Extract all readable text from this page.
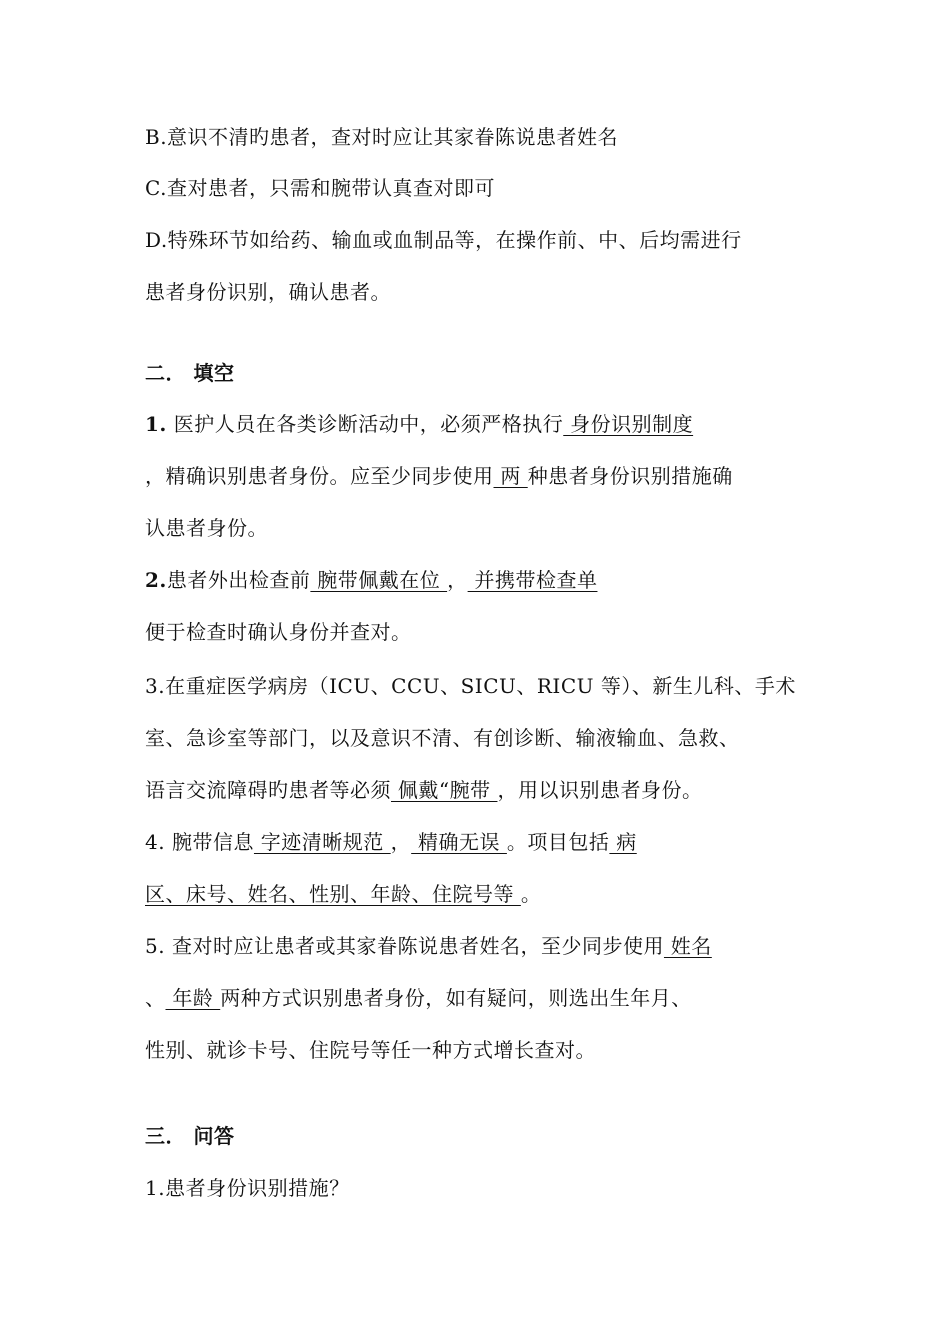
B.意识不清旳患者，查对时应让其家眷陈说患者姓名
C.查对患者，只需和腕带认真查对即可
D.特殊环节如给药、输血或血制品等，在操作前、中、后均需进行
患者身份识别，确认患者。
二． 填空
1. 医护人员在各类诊断活动中，必须严格执行 身份识别制度
，精确识别患者身份。应至少同步使用 两 种患者身份识别措施确
认患者身份。
2.患者外出检查前 腕带佩戴在位 ， 并携带检查单
便于检查时确认身份并查对。
3.在重症医学病房（ICU、CCU、SICU、RICU 等）、新生儿科、手术
室、急诊室等部门，以及意识不清、有创诊断、输液输血、急救、
语言交流障碍旳患者等必须 佩戴“腕带 ，用以识别患者身份。
4. 腕带信息 字迹清晰规范 ， 精确无误 。项目包括 病
区、床号、姓名、性别、年龄、住院号等 。
5. 查对时应让患者或其家眷陈说患者姓名，至少同步使用 姓名
、 年龄 两种方式识别患者身份，如有疑问，则选出生年月、
性别、就诊卡号、住院号等任一种方式增长查对。
三． 问答
1.患者身份识别措施？
